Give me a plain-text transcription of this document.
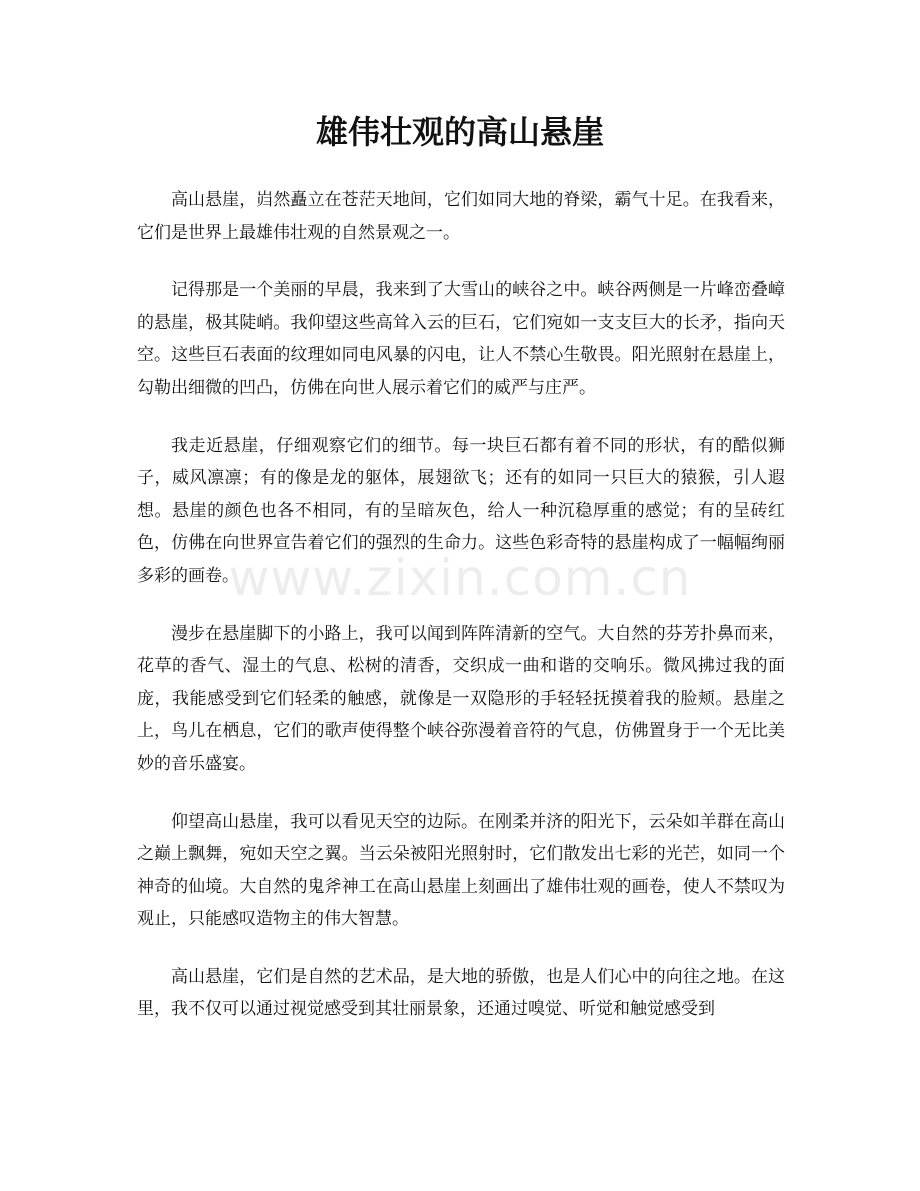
雄伟壮观的高山悬崖

高山悬崖，岿然矗立在苍茫天地间，它们如同大地的脊梁，霸气十足。在我看来，它们是世界上最雄伟壮观的自然景观之一。

记得那是一个美丽的早晨，我来到了大雪山的峡谷之中。峡谷两侧是一片峰峦叠嶂的悬崖，极其陡峭。我仰望这些高耸入云的巨石，它们宛如一支支巨大的长矛，指向天空。这些巨石表面的纹理如同电风暴的闪电，让人不禁心生敬畏。阳光照射在悬崖上，勾勒出细微的凹凸，仿佛在向世人展示着它们的威严与庄严。

我走近悬崖，仔细观察它们的细节。每一块巨石都有着不同的形状，有的酷似狮子，威风凛凛；有的像是龙的躯体，展翅欲飞；还有的如同一只巨大的猿猴，引人遐想。悬崖的颜色也各不相同，有的呈暗灰色，给人一种沉稳厚重的感觉；有的呈砖红色，仿佛在向世界宣告着它们的强烈的生命力。这些色彩奇特的悬崖构成了一幅幅绚丽多彩的画卷。

漫步在悬崖脚下的小路上，我可以闻到阵阵清新的空气。大自然的芬芳扑鼻而来，花草的香气、湿土的气息、松树的清香，交织成一曲和谐的交响乐。微风拂过我的面庞，我能感受到它们轻柔的触感，就像是一双隐形的手轻轻抚摸着我的脸颊。悬崖之上，鸟儿在栖息，它们的歌声使得整个峡谷弥漫着音符的气息，仿佛置身于一个无比美妙的音乐盛宴。

仰望高山悬崖，我可以看见天空的边际。在刚柔并济的阳光下，云朵如羊群在高山之巅上飘舞，宛如天空之翼。当云朵被阳光照射时，它们散发出七彩的光芒，如同一个神奇的仙境。大自然的鬼斧神工在高山悬崖上刻画出了雄伟壮观的画卷，使人不禁叹为观止，只能感叹造物主的伟大智慧。

高山悬崖，它们是自然的艺术品，是大地的骄傲，也是人们心中的向往之地。在这里，我不仅可以通过视觉感受到其壮丽景象，还通过嗅觉、听觉和触觉感受到

www.zixin.com.cn
